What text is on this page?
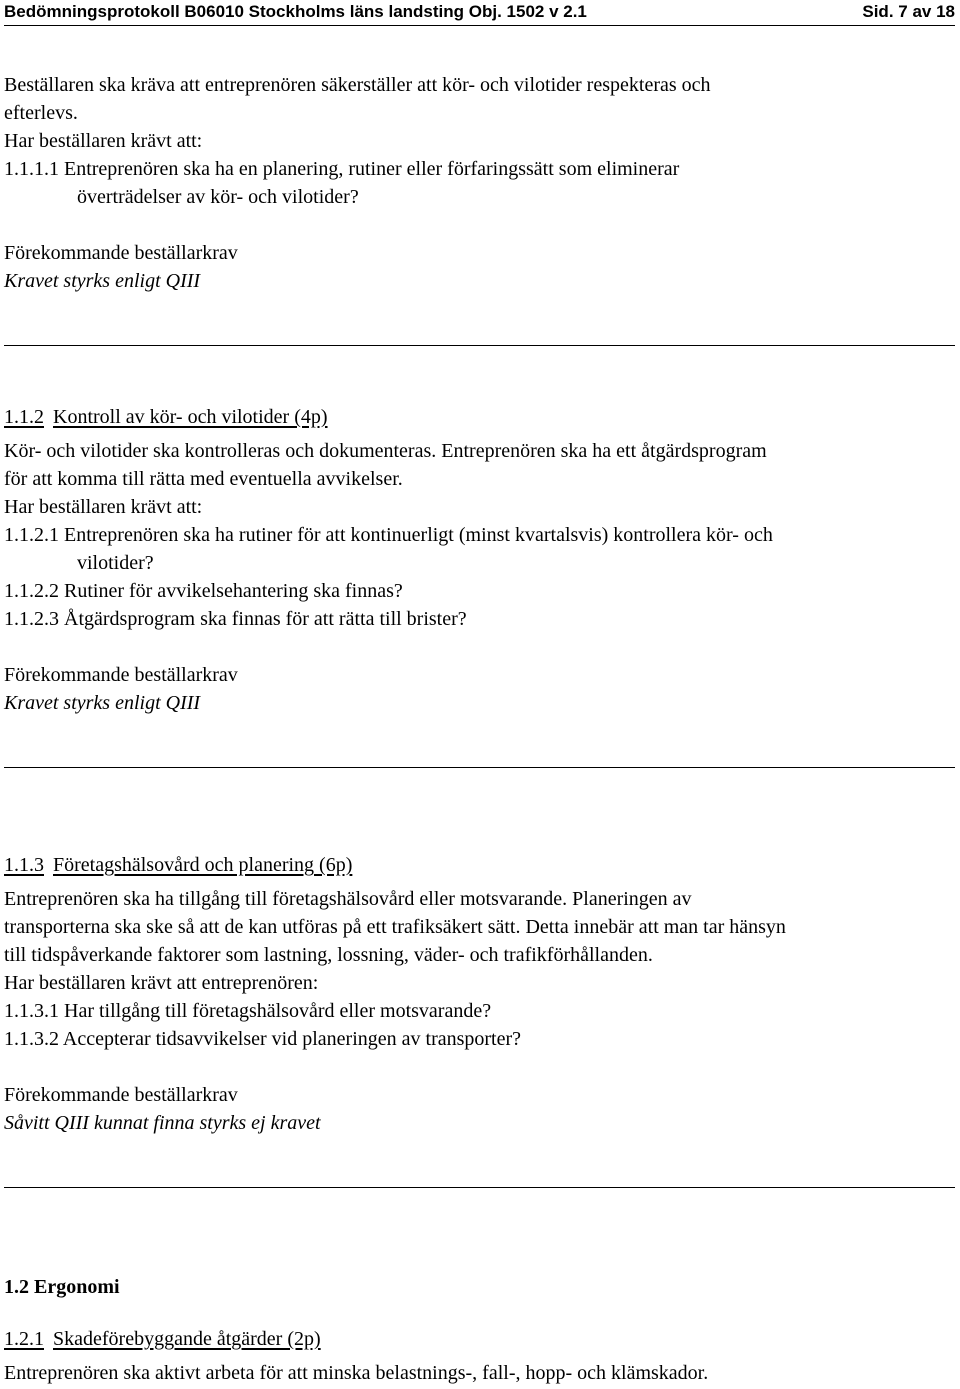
Bedömningsprotokoll B06010 Stockholms läns landsting Obj. 1502 v 2.1	Sid. 7 av 18
Beställaren ska kräva att entreprenören säkerställer att kör- och vilotider respekteras och
efterlevs.
Har beställaren krävt att:
1.1.1.1 Entreprenören ska ha en planering, rutiner eller förfaringssätt som eliminerar
överträdelser av kör- och vilotider?
Förekommande beställarkrav
Kravet styrks enligt QIII
1.1.2 Kontroll av kör- och vilotider (4p)
Kör- och vilotider ska kontrolleras och dokumenteras. Entreprenören ska ha ett åtgärdsprogram
för att komma till rätta med eventuella avvikelser.
Har beställaren krävt att:
1.1.2.1 Entreprenören ska ha rutiner för att kontinuerligt (minst kvartalsvis) kontrollera kör- och
vilotider?
1.1.2.2 Rutiner för avvikelsehantering ska finnas?
1.1.2.3 Åtgärdsprogram ska finnas för att rätta till brister?
Förekommande beställarkrav
Kravet styrks enligt QIII
1.1.3 Företagshälsovård och planering (6p)
Entreprenören ska ha tillgång till företagshälsovård eller motsvarande. Planeringen av
transporterna ska ske så att de kan utföras på ett trafiksäkert sätt. Detta innebär att man tar hänsyn
till tidspåverkande faktorer som lastning, lossning, väder- och trafikförhållanden.
Har beställaren krävt att entreprenören:
1.1.3.1 Har tillgång till företagshälsovård eller motsvarande?
1.1.3.2 Accepterar tidsavvikelser vid planeringen av transporter?
Förekommande beställarkrav
Såvitt QIII kunnat finna styrks ej kravet
1.2 Ergonomi
1.2.1 Skadeförebyggande åtgärder (2p)
Entreprenören ska aktivt arbeta för att minska belastnings-, fall-, hopp- och klämskador.
